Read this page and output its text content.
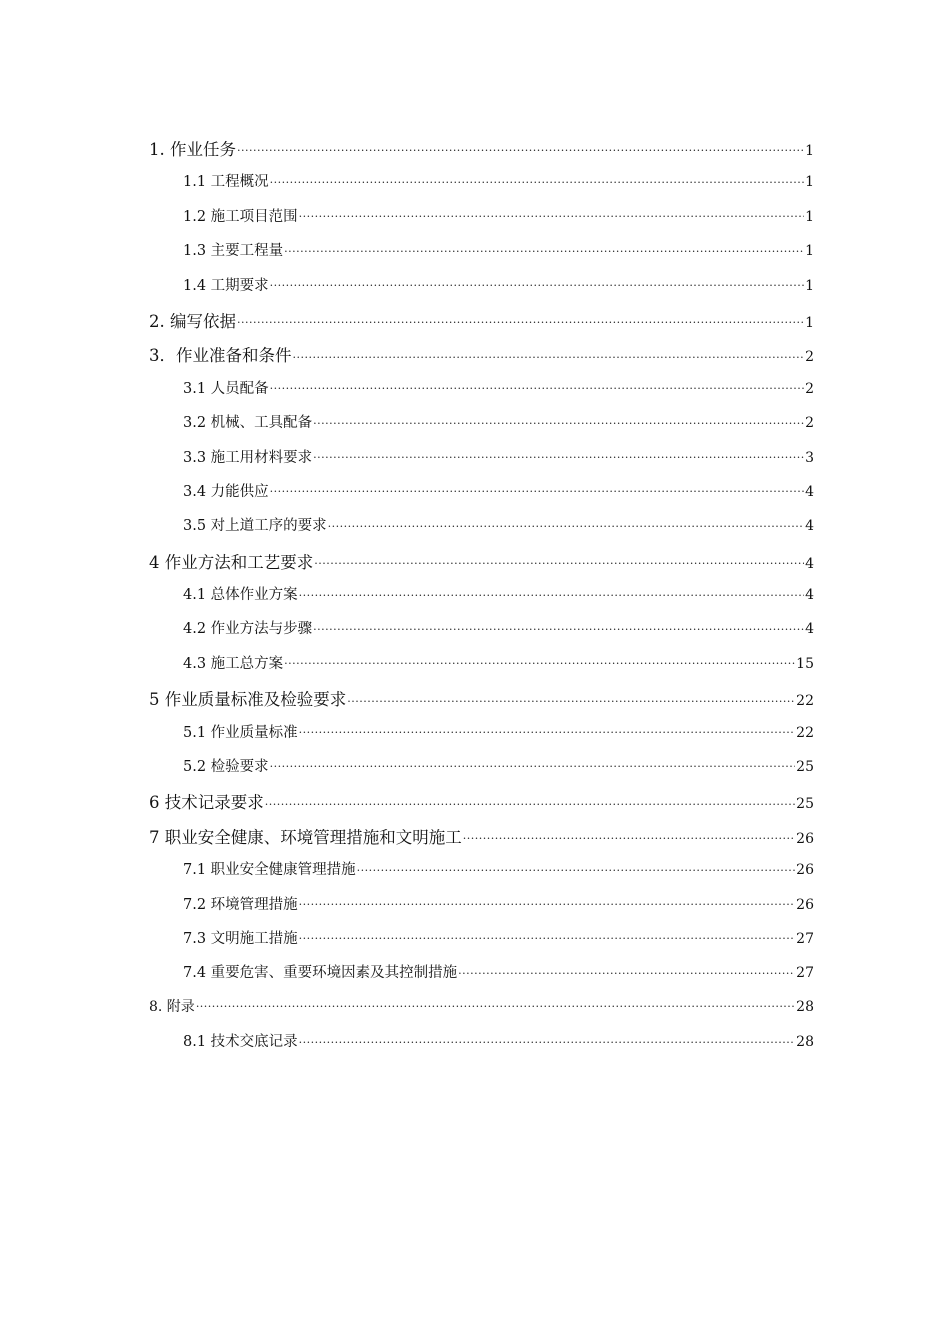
1. 作业任务 .....	1
1.1 工程概况 .....	1
1.2 施工项目范围 .....	1
1.3 主要工程量 .....	1
1.4 工期要求 .....	1
2. 编写依据 .....	1
3．作业准备和条件 .....	2
3.1 人员配备 .....	2
3.2 机械、工具配备 .....	2
3.3 施工用材料要求 .....	3
3.4 力能供应 .....	4
3.5 对上道工序的要求 .....	4
4 作业方法和工艺要求 .....	4
4.1 总体作业方案 .....	4
4.2 作业方法与步骤 .....	4
4.3 施工总方案 .....	15
5 作业质量标准及检验要求 .....	22
5.1 作业质量标准 .....	22
5.2 检验要求 .....	25
6 技术记录要求 .....	25
7 职业安全健康、环境管理措施和文明施工 .....	26
7.1 职业安全健康管理措施 .....	26
7.2 环境管理措施 .....	26
7.3 文明施工措施 .....	27
7.4 重要危害、重要环境因素及其控制措施 .....	27
8. 附录 .....	28
8.1 技术交底记录 .....	28
